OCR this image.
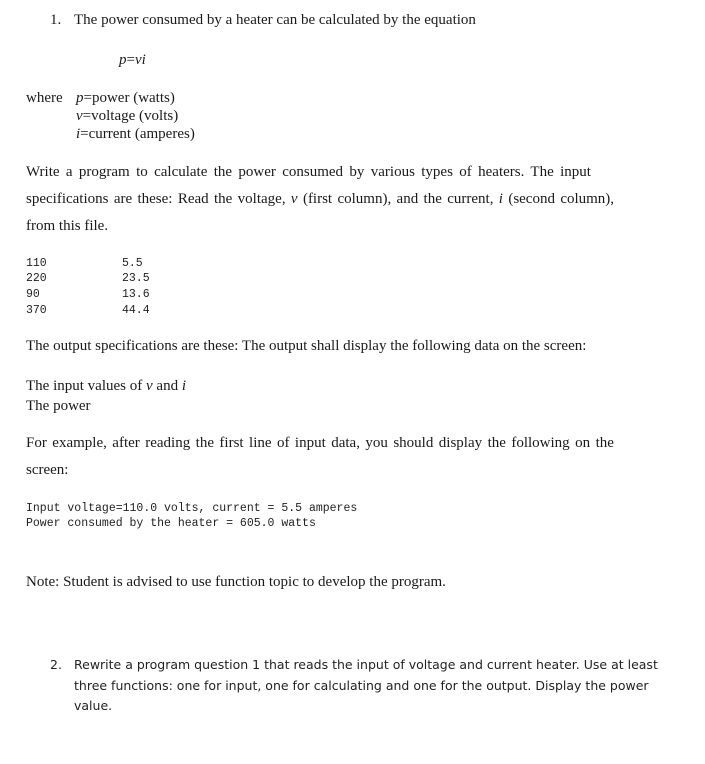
1. The power consumed by a heater can be calculated by the equation
p=vi
where p=power (watts)
v=voltage (volts)
i=current (amperes)
Write a program to calculate the power consumed by various types of heaters. The input
specifications are these: Read the voltage, v (first column), and the current, i (second column),
from this file.
110
220
90
370
5.5
23.5
13.6
44.4
The output specifications are these: The output shall display the following data on the screen:
The input values of v and i
The power
For example, after reading the first line of input data, you should display the following on the
screen:
Input voltage=110.0 volts, current = 5.5 amperes
Power consumed by the heater = 605.0 watts
Note: Student is advised to use function topic to develop the program.
2. Rewrite a program question 1 that reads the input of voltage and current heater. Use at least
three functions: one for input, one for calculating and one for the output. Display the power
value.
